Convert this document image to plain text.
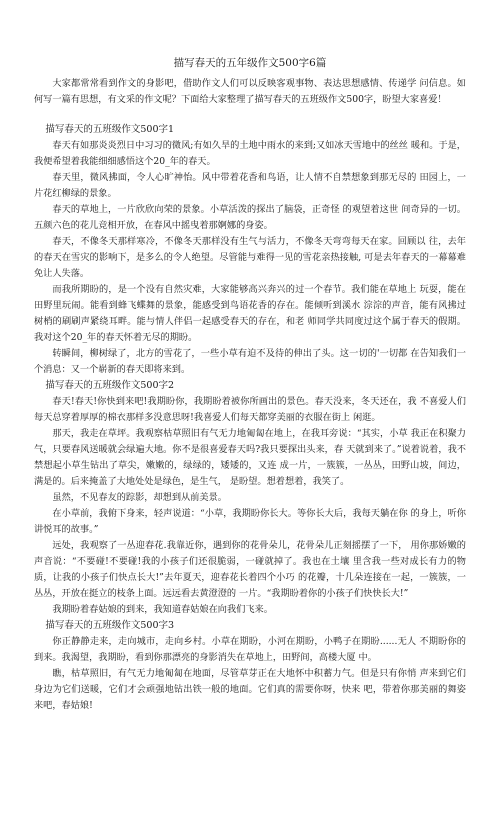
描写春天的五年级作文500字6篇

大家都常常看到作文的身影吧，借助作文人们可以反映客观事物、表达思想感情、传递学 问信息。如何写一篇有思想，有文采的作文呢？下面给大家整理了描写春天的五班级作文500字，盼望大家喜爱！

描写春天的五班级作文500字1

春天有如那炎炎烈日中习习的微风;有如久旱的土地中雨水的来到;又如冰天雪地中的丝丝 暖和。于是，我便希望着我能细细感悟这个20_年的春天。

春天里，微风拂面，令人心旷神怡。风中带着花香和鸟语，让人情不自禁想象到那无尽的 田园上，一片花红柳绿的景象。

春天的草地上，一片欣欣向荣的景象。小草活泼的探出了脑袋，正奇怪 的观望着这世 间奇异的一切。五颜六色的花儿竞相开放，在春风中摇曳着那婀娜的身姿。

春天，不像冬天那样寒冷，不像冬天那样没有生气与活力，不像冬天弯弯每天在家。回顾以 往，去年的春天在雪灾的影响下，是多么的令人绝望。尽管能与难得一见的雪花亲热接触, 可是去年春天的一幕幕难免让人失落。

而我所期盼的，是一个没有自然灾难，大家能够高兴奔兴的过一个春节。我们能在草地上 玩耍，能在田野里玩闹。能看到蜂飞蝶舞的景象，能感受到鸟语花香的存在。能倾听到溪水 淙淙的声音，能有风拂过树梢的刷刷声紧绕耳畔。能与情人伴侣一起感受春天的存在，和老 师同学共同度过这个属于春天的假期。我对这个20_年的春天怀着无尽的期盼。

转瞬间，柳树绿了，北方的雪花了，一些小草有迫不及待的伸出了头。这一切的'一切都 在告知我们一个消息：又一个崭新的春天即将来到。

描写春天的五班级作文500字2

春天!春天!你快到来吧!我期盼你，我期盼着被你所画出的景色。春天没来，冬天还在，我 不喜爱人们每天总穿着厚厚的棉衣那样多没意思呀!我喜爱人们每天都穿美丽的衣服在街上 闲逛。

那天，我走在草坪。我观察枯草照旧有气无力地匍匐在地上，在我耳旁说：“其实，小草 我正在积聚力气，只要春风送暖就会绿遍大地。你不是很喜爱春天吗?我只要探出头来，春 天就到来了。”说着说着，我不禁想起小草生钻出了草尖，嫩嫩的，绿绿的，矮矮的，又连 成一片，一簇簇，一丛丛，田野山坡，间边，满是的。后来掩盖了大地处处是绿色，是生气， 是盼望。想着想着，我笑了。

虽然，不见春友的踪影，却想到从前美景。

在小草前，我俯下身来，轻声说道：“小草，我期盼你长大。等你长大后，我每天躺在你 的身上，听你讲悦耳的故事。”

远处，我观察了一丛迎春花.我靠近你，遇到你的花骨朵儿，花骨朵儿正刻摇摆了一下， 用你那娇嫩的声音说：“不要碰!不要碰!我的小孩子们还很脆弱，一碰就掉了。我也在土壤 里含我一些对成长有力的物质，让我的小孩子们快点长大!”去年夏天，迎春花长着四个小巧 的花瓣，十几朵连接在一起，一簇簇，一丛丛，开放在挺立的枝条上面。远远看去黄澄澄的 一片。“我期盼着你的小孩子们快快长大!”

我期盼着春姑娘的到来，我知道春姑娘在向我们飞来。

描写春天的五班级作文500字3

你正静静走来，走向城市，走向乡村。小草在期盼，小河在期盼，小鸭子在期盼......无人 不期盼你的到来。我渴望，我期盼，看到你那漂亮的身影消失在草地上，田野间，高楼大厦 中。

瞧，枯草照旧，有气无力地匍匐在地面，尽管草芽正在大地怀中积蓄力气。但是只有你悄 声来到它们身边为它们送暖，它们才会顽强地钻出铁一般的地面。它们真的需要你呀，快来 吧，带着你那美丽的舞姿来吧，春姑娘!
